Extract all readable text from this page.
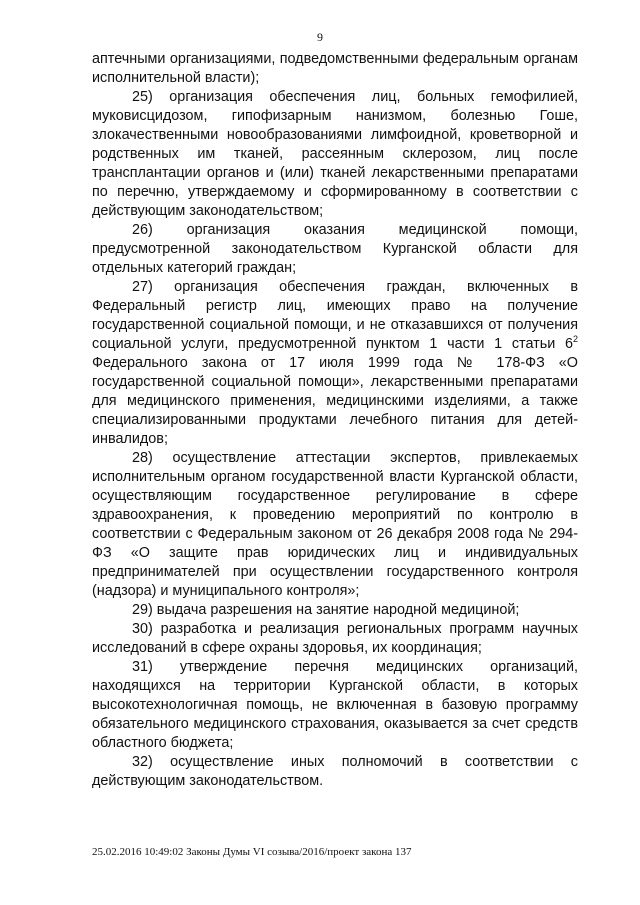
9

аптечными организациями, подведомственными федеральным органам исполнительной власти);

25) организация обеспечения лиц, больных гемофилией, муковисцидозом, гипофизарным нанизмом, болезнью Гоше, злокачественными новообразованиями лимфоидной, кроветворной и родственных им тканей, рассеянным склерозом, лиц после трансплантации органов и (или) тканей лекарственными препаратами по перечню, утверждаемому и сформированному в соответствии с действующим законодательством;

26) организация оказания медицинской помощи, предусмотренной законодательством Курганской области для отдельных категорий граждан;

27) организация обеспечения граждан, включенных в Федеральный регистр лиц, имеющих право на получение государственной социальной помощи, и не отказавшихся от получения социальной услуги, предусмотренной пунктом 1 части 1 статьи $6^2$ Федерального закона от 17 июля 1999 года № 178-ФЗ «О государственной социальной помощи», лекарственными препаратами для медицинского применения, медицинскими изделиями, а также специализированными продуктами лечебного питания для детей-инвалидов;

28) осуществление аттестации экспертов, привлекаемых исполнительным органом государственной власти Курганской области, осуществляющим государственное регулирование в сфере здравоохранения, к проведению мероприятий по контролю в соответствии с Федеральным законом от 26 декабря 2008 года № 294-ФЗ «О защите прав юридических лиц и индивидуальных предпринимателей при осуществлении государственного контроля (надзора) и муниципального контроля»;

29) выдача разрешения на занятие народной медициной;

30) разработка и реализация региональных программ научных исследований в сфере охраны здоровья, их координация;

31) утверждение перечня медицинских организаций, находящихся на территории Курганской области, в которых высокотехнологичная помощь, не включенная в базовую программу обязательного медицинского страхования, оказывается за счет средств областного бюджета;

32) осуществление иных полномочий в соответствии с действующим законодательством.

25.02.2016 10:49:02 Законы Думы VI созыва/2016/проект закона 137
